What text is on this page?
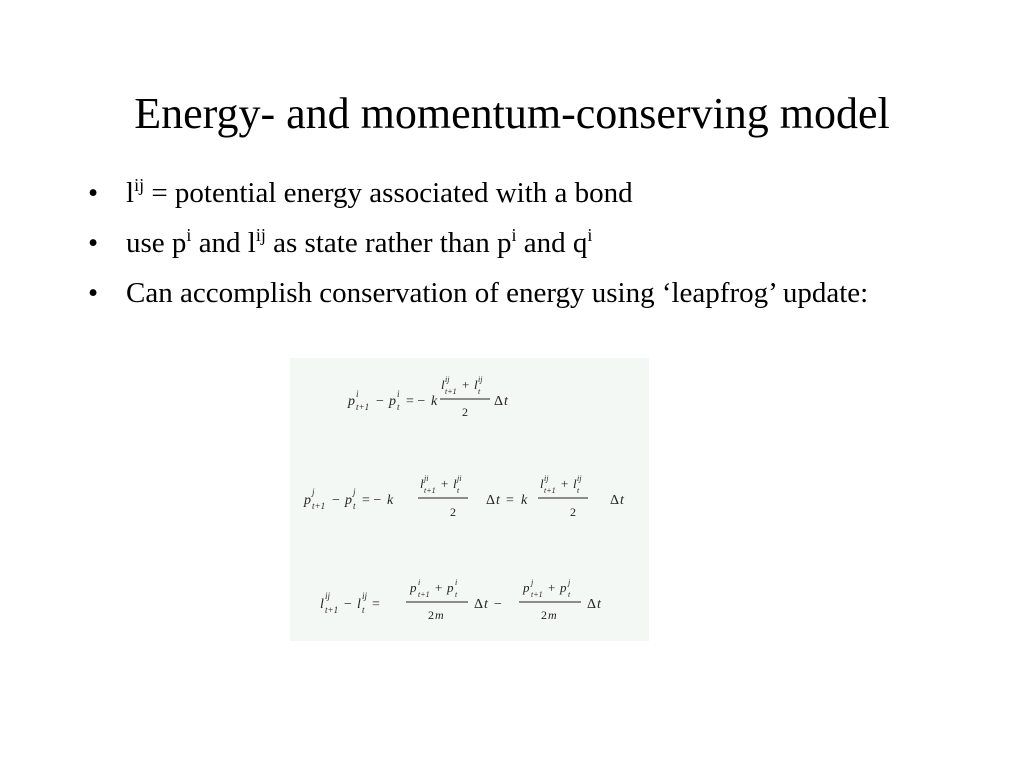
Energy- and momentum-conserving model
• $l^{ij}$ = potential energy associated with a bond
• use $p^i$ and $l^{ij}$ as state rather than $p^i$ and $q^i$
• Can accomplish conservation of energy using ‘leapfrog’ update:
p i
t+1 − p i
t = − k
l ij
t+1 + l ij
t
2
Δ t
p
j
t+1 − p
j
t = − k
l ji
t+1 + l ji
t
2
Δ t = k
l ij
t+1 + l ij
t
2
Δ t
l
ij
t+1 − l
ij
t =
p i
t+1 + p i
t
2 m
Δ t −
p j
t+1 + p j
t
2 m
Δ t
